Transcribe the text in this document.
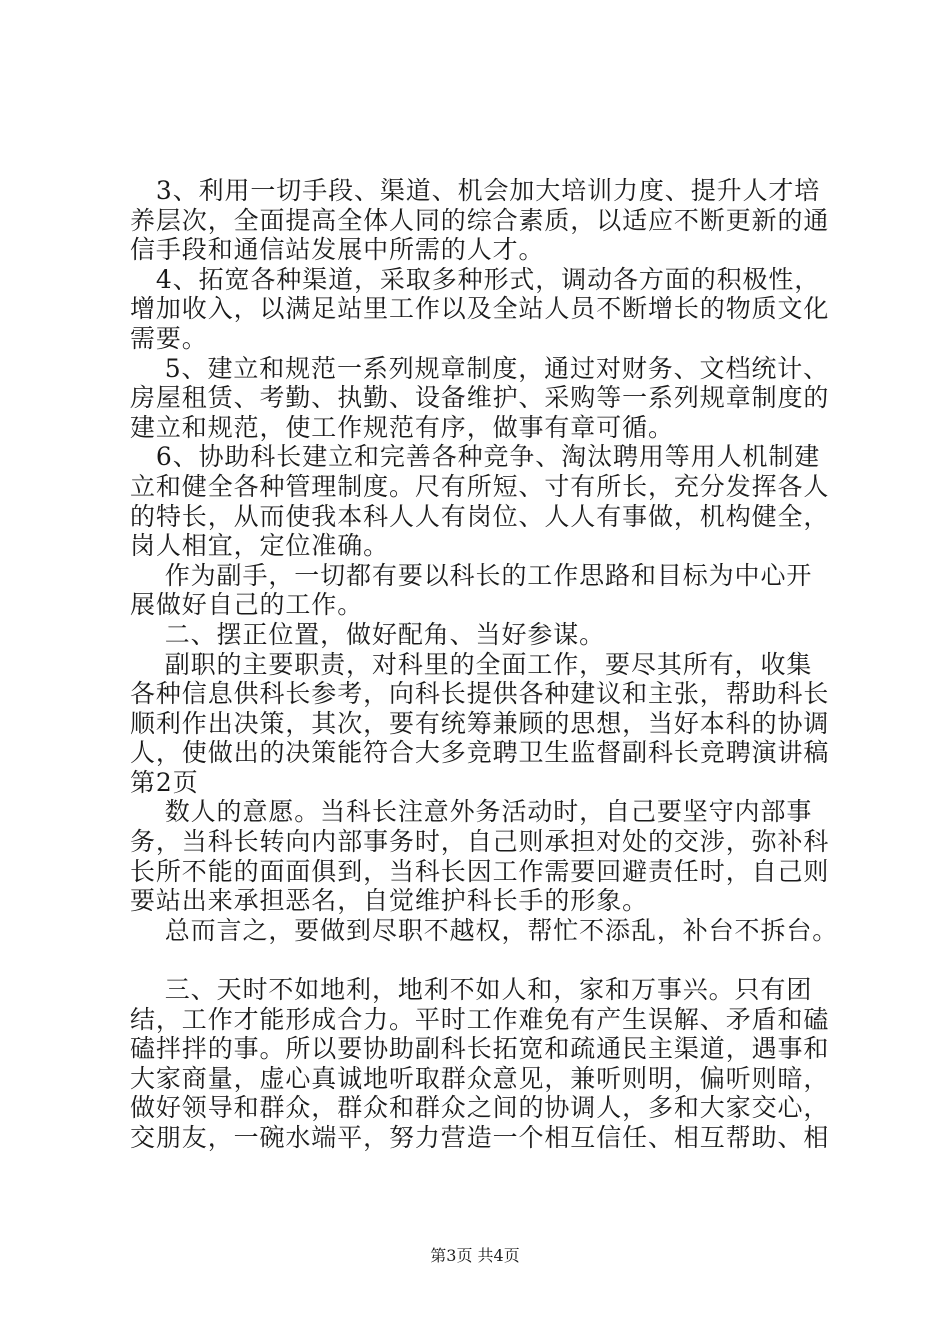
　3、利用一切手段、渠道、机会加大培训力度、提升人才培
养层次，全面提高全体人同的综合素质，以适应不断更新的通
信手段和通信站发展中所需的人才。
　4、拓宽各种渠道，采取多种形式，调动各方面的积极性，
增加收入，以满足站里工作以及全站人员不断增长的物质文化
需要。
　 5、建立和规范一系列规章制度，通过对财务、文档统计、
房屋租赁、考勤、执勤、设备维护、采购等一系列规章制度的
建立和规范，使工作规范有序，做事有章可循。
　6、协助科长建立和完善各种竞争、淘汰聘用等用人机制建
立和健全各种管理制度。尺有所短、寸有所长，充分发挥各人
的特长，从而使我本科人人有岗位、人人有事做，机构健全，
岗人相宜，定位准确。
　 作为副手，一切都有要以科长的工作思路和目标为中心开
展做好自己的工作。
　 二、摆正位置，做好配角、当好参谋。
　 副职的主要职责，对科里的全面工作，要尽其所有，收集
各种信息供科长参考，向科长提供各种建议和主张，帮助科长
顺利作出决策，其次，要有统筹兼顾的思想，当好本科的协调
人，使做出的决策能符合大多竞聘卫生监督副科长竞聘演讲稿
第2页
　 数人的意愿。当科长注意外务活动时，自己要坚守内部事
务，当科长转向内部事务时，自己则承担对处的交涉，弥补科
长所不能的面面俱到，当科长因工作需要回避责任时，自己则
要站出来承担恶名，自觉维护科长手的形象。
　 总而言之，要做到尽职不越权，帮忙不添乱，补台不拆台。
　 三、天时不如地利，地利不如人和，家和万事兴。只有团
结，工作才能形成合力。平时工作难免有产生误解、矛盾和磕
磕拌拌的事。所以要协助副科长拓宽和疏通民主渠道，遇事和
大家商量，虚心真诚地听取群众意见，兼听则明，偏听则暗，
做好领导和群众，群众和群众之间的协调人，多和大家交心，
交朋友，一碗水端平，努力营造一个相互信任、相互帮助、相
第3页 共4页
